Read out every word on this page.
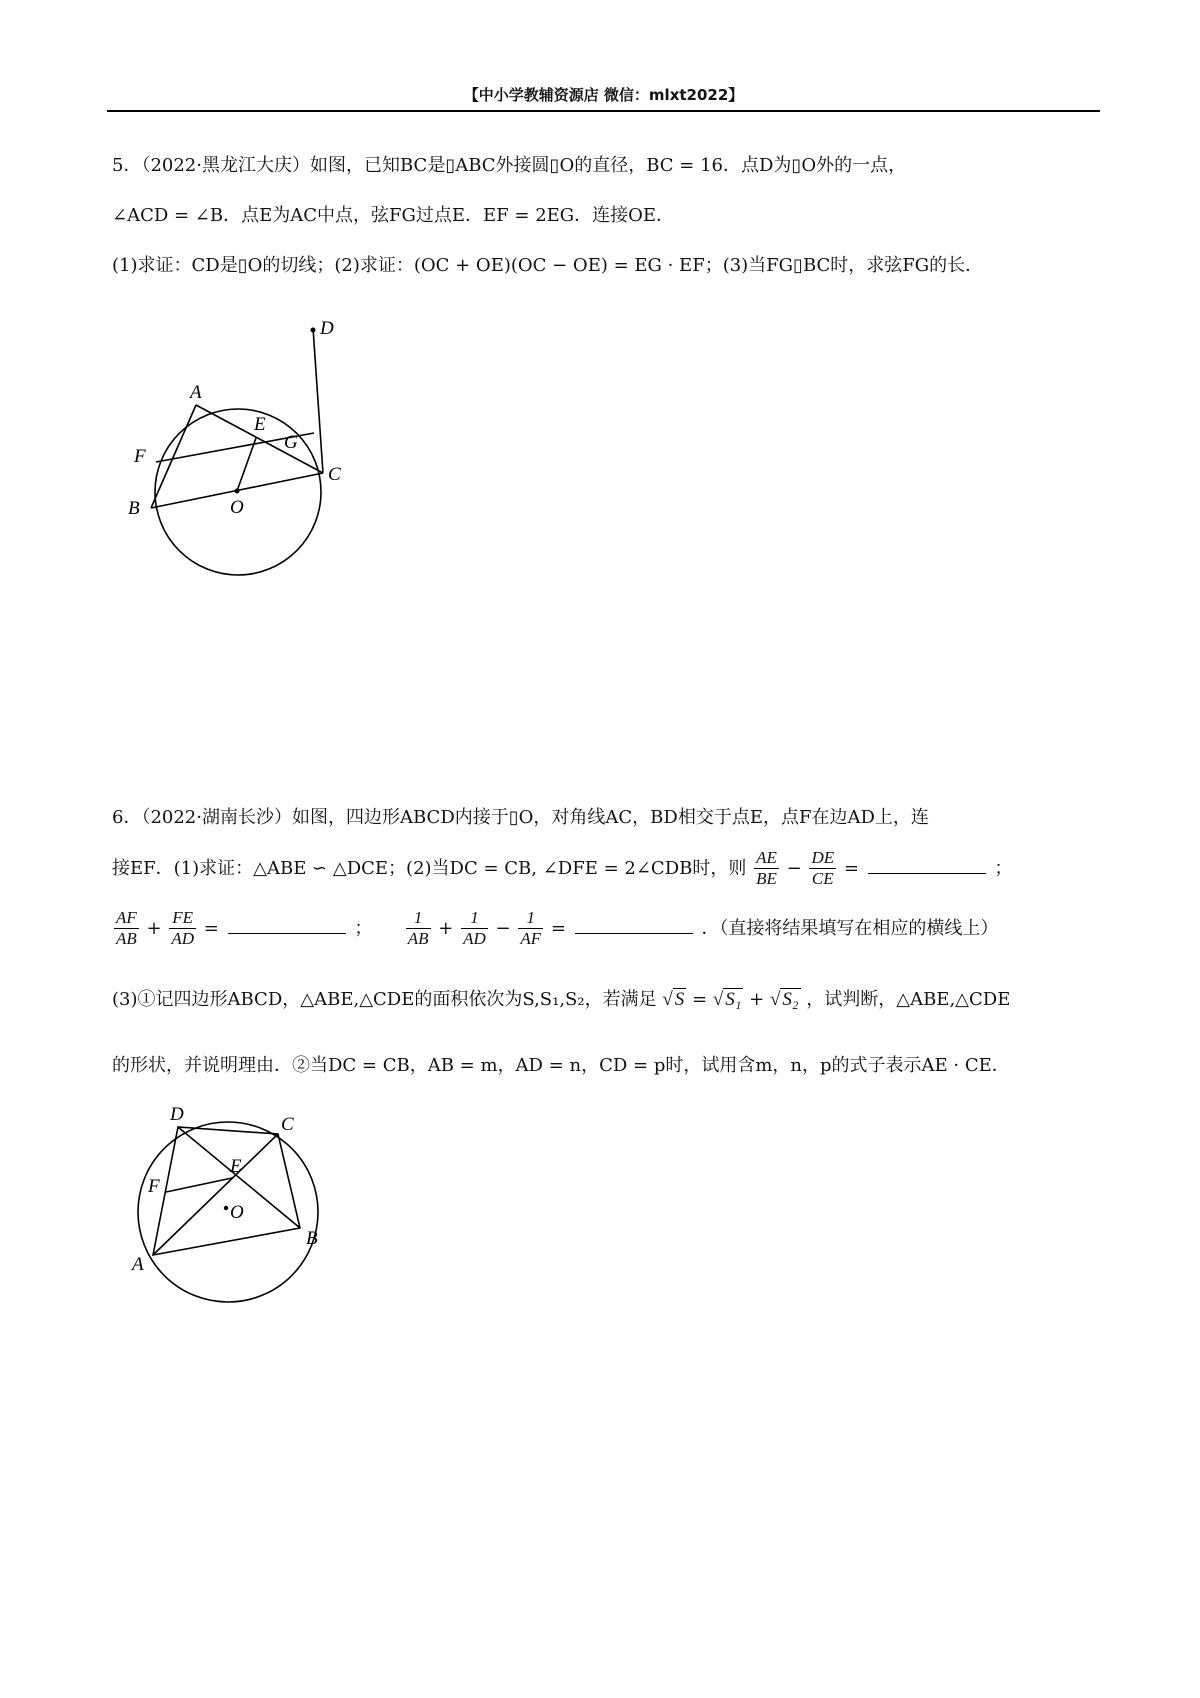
【中小学教辅资源店 微信：mlxt2022】
5．（2022·黑龙江大庆）如图，已知BC是▯ABC外接圆▯O的直径，BC = 16．点D为▯O外的一点，
∠ACD = ∠B．点E为AC中点，弦FG过点E．EF = 2EG．连接OE．
(1)求证：CD是▯O的切线；(2)求证：(OC + OE)(OC − OE) = EG · EF；(3)当FG▯BC时，求弦FG的长．
D
A
E
G
F
C
B	O
6．（2022·湖南长沙）如图，四边形ABCD内接于▯O，对角线AC，BD相交于点E，点F在边AD上，连
接EF．(1)求证：△ABE ∽ △DCE；(2)当DC = CB, ∠DFE = 2∠CDB时，则 $\frac{AE}{BE} - \frac{DE}{CE}$ =	；
$\frac{AF}{AB} + \frac{FE}{AD}$ =	； $\frac{1}{AB} + \frac{1}{AD} - \frac{1}{AF}$ =	．（直接将结果填写在相应的横线上）
(3)①记四边形ABCD，△ABE,△CDE的面积依次为S,S₁,S₂，若满足 √ S = √ S₁ + √ S₂ ，试判断，△ABE,△CDE
的形状，并说明理由．②当DC = CB，AB = m，AD = n，CD = p时，试用含m，n，p的式子表示AE · CE．
D	C
E
F
O
B
A
